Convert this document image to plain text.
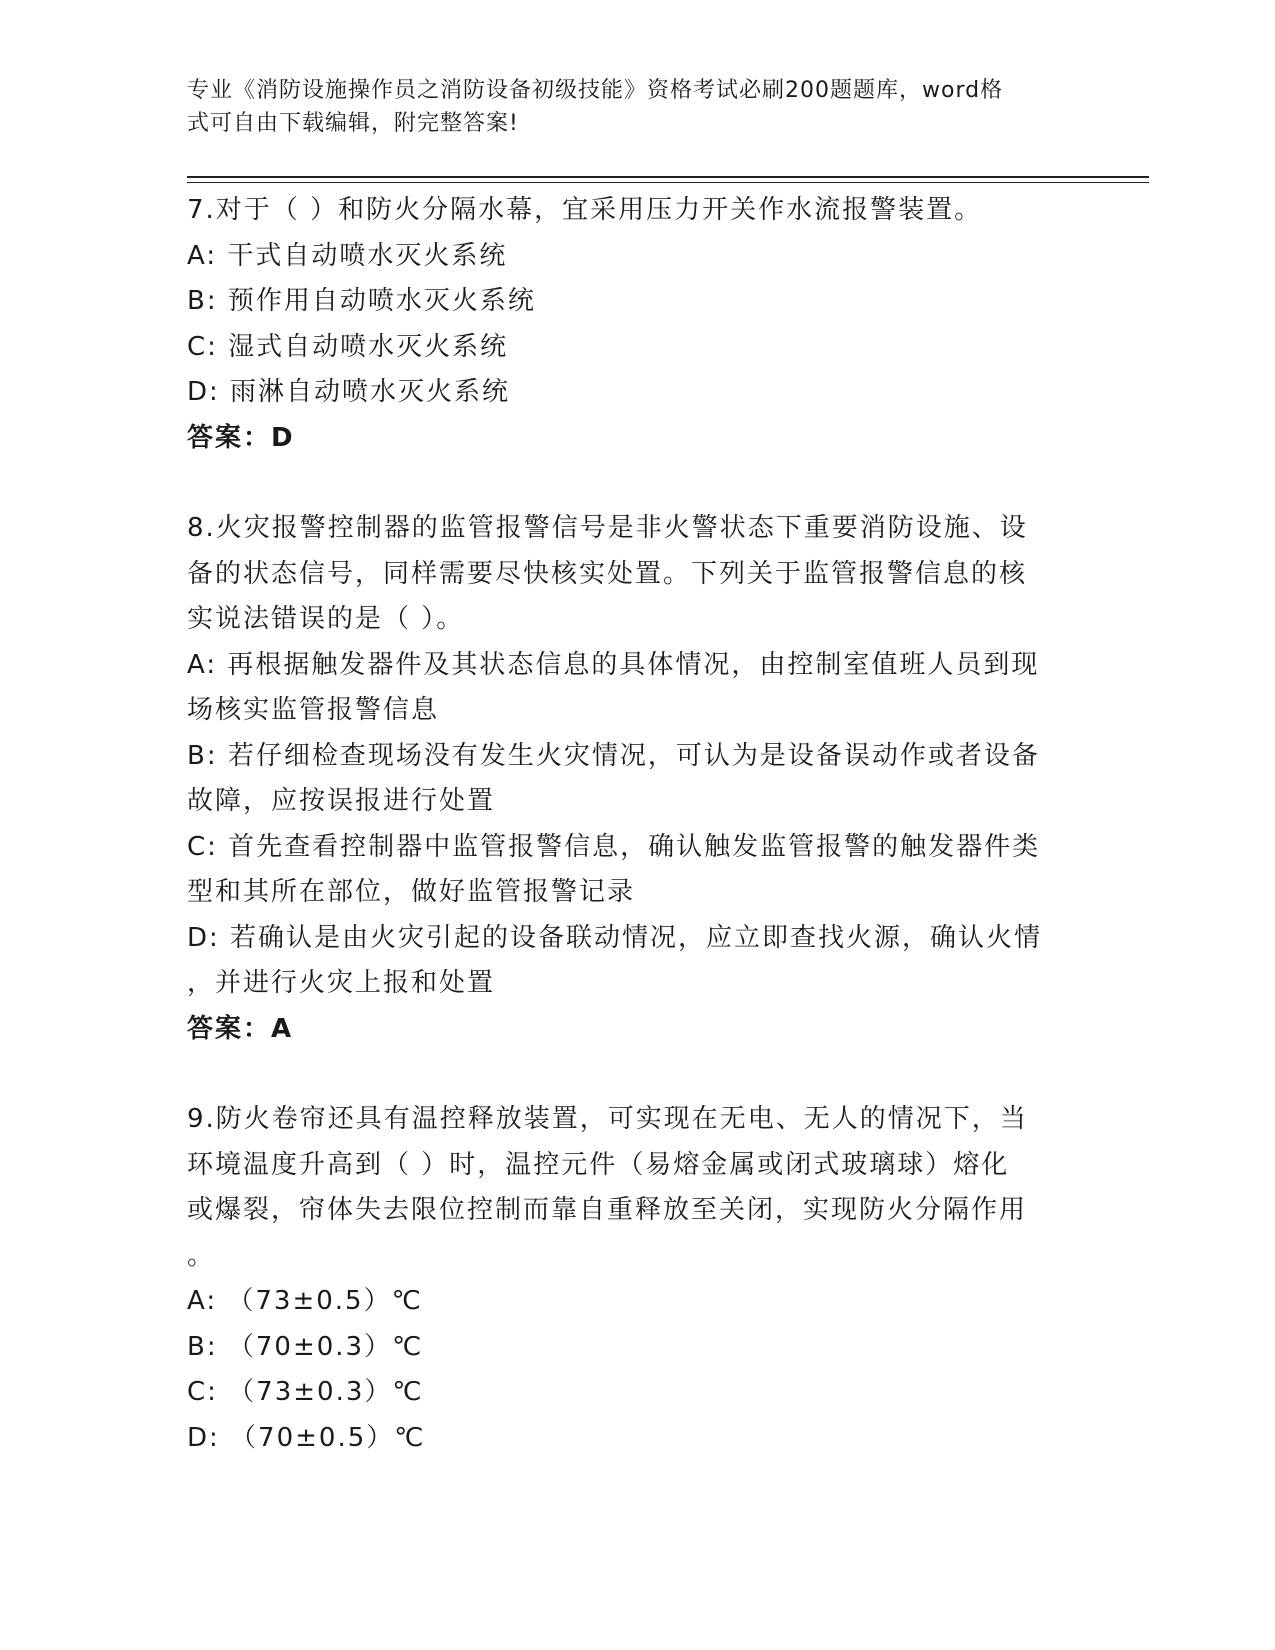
专业《消防设施操作员之消防设备初级技能》资格考试必刷200题题库，word格
式可自由下载编辑，附完整答案!
7.对于（ ）和防火分隔水幕，宜采用压力开关作水流报警装置。
A: 干式自动喷水灭火系统
B: 预作用自动喷水灭火系统
C: 湿式自动喷水灭火系统
D: 雨淋自动喷水灭火系统
答案：D
8.火灾报警控制器的监管报警信号是非火警状态下重要消防设施、设
备的状态信号，同样需要尽快核实处置。下列关于监管报警信息的核
实说法错误的是（ ）。
A: 再根据触发器件及其状态信息的具体情况，由控制室值班人员到现
场核实监管报警信息
B: 若仔细检查现场没有发生火灾情况，可认为是设备误动作或者设备
故障，应按误报进行处置
C: 首先查看控制器中监管报警信息，确认触发监管报警的触发器件类
型和其所在部位，做好监管报警记录
D: 若确认是由火灾引起的设备联动情况，应立即查找火源，确认火情
，并进行火灾上报和处置
答案：A
9.防火卷帘还具有温控释放装置，可实现在无电、无人的情况下，当
环境温度升高到（ ）时，温控元件（易熔金属或闭式玻璃球）熔化
或爆裂，帘体失去限位控制而靠自重释放至关闭，实现防火分隔作用
。
A: （73±0.5）℃
B: （70±0.3）℃
C: （73±0.3）℃
D: （70±0.5）℃
